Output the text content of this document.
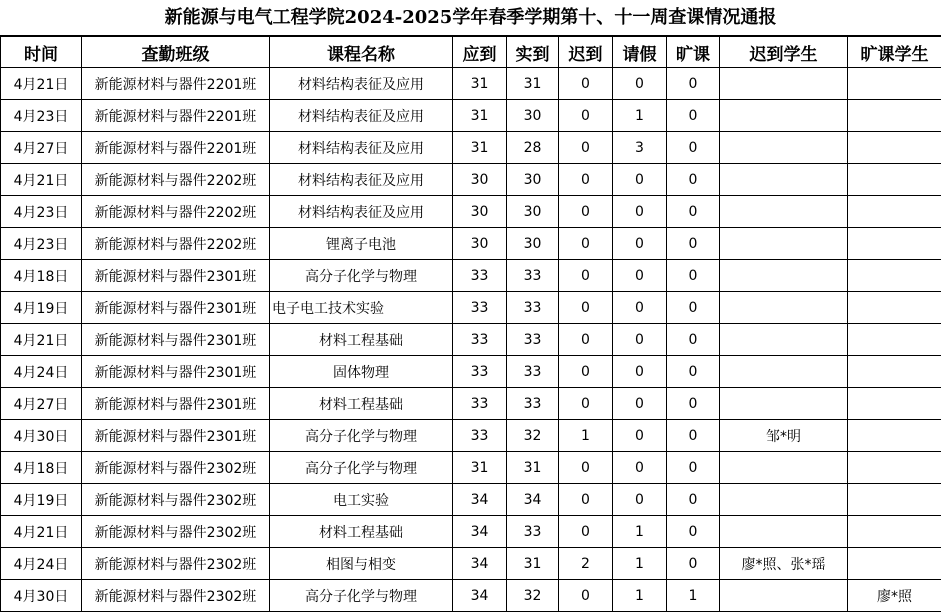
新能源与电气工程学院2024-2025学年春季学期第十、十一周查课情况通报
时间	查勤班级	课程名称	应到	实到	迟到	请假	旷课	迟到学生	旷课学生
4月21日	新能源材料与器件2201班	材料结构表征及应用	31	31	0	0	0		
4月23日	新能源材料与器件2201班	材料结构表征及应用	31	30	0	1	0		
4月27日	新能源材料与器件2201班	材料结构表征及应用	31	28	0	3	0		
4月21日	新能源材料与器件2202班	材料结构表征及应用	30	30	0	0	0		
4月23日	新能源材料与器件2202班	材料结构表征及应用	30	30	0	0	0		
4月23日	新能源材料与器件2202班	锂离子电池	30	30	0	0	0		
4月18日	新能源材料与器件2301班	高分子化学与物理	33	33	0	0	0		
4月19日	新能源材料与器件2301班	电子电工技术实验	33	33	0	0	0		
4月21日	新能源材料与器件2301班	材料工程基础	33	33	0	0	0		
4月24日	新能源材料与器件2301班	固体物理	33	33	0	0	0		
4月27日	新能源材料与器件2301班	材料工程基础	33	33	0	0	0		
4月30日	新能源材料与器件2301班	高分子化学与物理	33	32	1	0	0	邹*明	
4月18日	新能源材料与器件2302班	高分子化学与物理	31	31	0	0	0		
4月19日	新能源材料与器件2302班	电工实验	34	34	0	0	0		
4月21日	新能源材料与器件2302班	材料工程基础	34	33	0	1	0		
4月24日	新能源材料与器件2302班	相图与相变	34	31	2	1	0	廖*照、张*瑶	
4月30日	新能源材料与器件2302班	高分子化学与物理	34	32	0	1	1		廖*照
